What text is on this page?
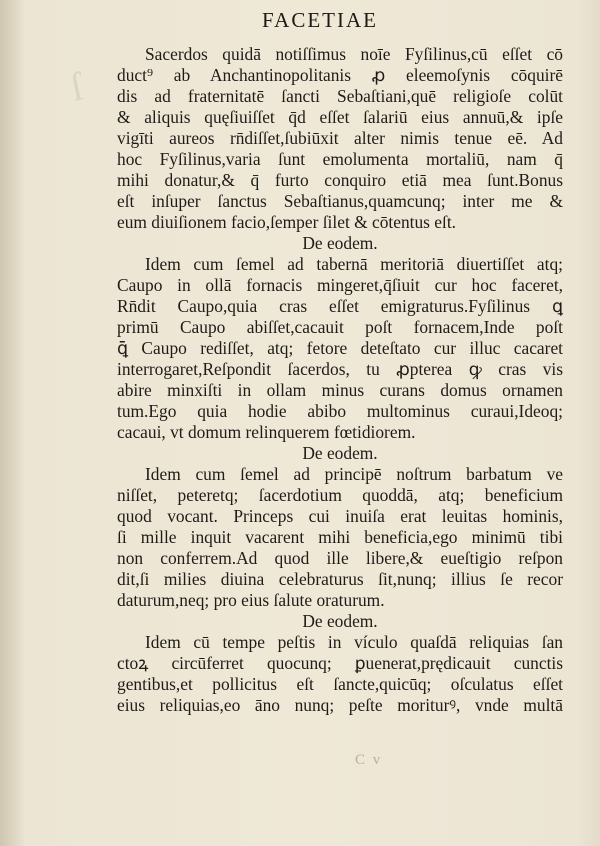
ſ
FACETIAE
Sacerdos quidā notiſſimus noīe Fyſilinus,cū eſſet cō
duct⁹ ab Anchantinopolitanis ꝓ eleemoſynis cōquirē
dis ad fraternitatē ſancti Sebaſtiani,quē religioſe colūt
& aliquis quęſiuiſſet q̄d eſſet ſalariū eius annuū,& ipſe
vigīti aureos rn̄diſſet,ſubiūxit alter nimis tenue eē. Ad
hoc Fyſilinus,varia ſunt emolumenta mortaliū, nam q̄
mihi donatur,& q̄ furto conquiro etiā mea ſunt.Bonus
eſt inſuper ſanctus Sebaſtianus,quamcunq; inter me &
eum diuiſionem facio,ſemper ſilet & cōtentus eſt.
De eodem.
Idem cum ſemel ad tabernā meritoriā diuertiſſet atq;
Caupo in ollā fornacis mingeret,q̄ſiuit cur hoc faceret,
Rn̄dit Caupo,quia cras eſſet emigraturus.Fyſilinus ꝗ
primū Caupo abiſſet,cacauit poſt fornacem,Inde poſt
ꝗ̄ Caupo rediſſet, atq; fetore deteſtato cur illuc cacaret
interrogaret,Reſpondit ſacerdos, tu ꝓpterea ꝙ cras vis
abire minxiſti in ollam minus curans domus ornamen
tum.Ego quia hodie abibo multominus curaui,Ideoq;
cacaui, vt domum relinquerem fœtidiorem.
De eodem.
Idem cum ſemel ad principē noſtrum barbatum ve
niſſet, peteretq; ſacerdotium quoddā, atq; beneficium
quod vocant. Princeps cui inuiſa erat leuitas hominis,
ſi mille inquit vacarent mihi beneficia,ego minimū tibi
non conferrem.Ad quod ille libere,& eueſtigio reſpon
dit,ſi milies diuina celebraturus ſit,nunq; illius ſe recor
daturum,neq; pro eius ſalute oraturum.
De eodem.
Idem cū tempe peſtis in vículo quaſdā reliquias ſan
ctoꝝ circūferret quocunq; ꝑuenerat,prędicauit cunctis
gentibus,et pollicitus eſt ſancte,quicūq; oſculatus eſſet
eius reliquias,eo āno nunq; peſte moriturꝰ, vnde multā
C v
